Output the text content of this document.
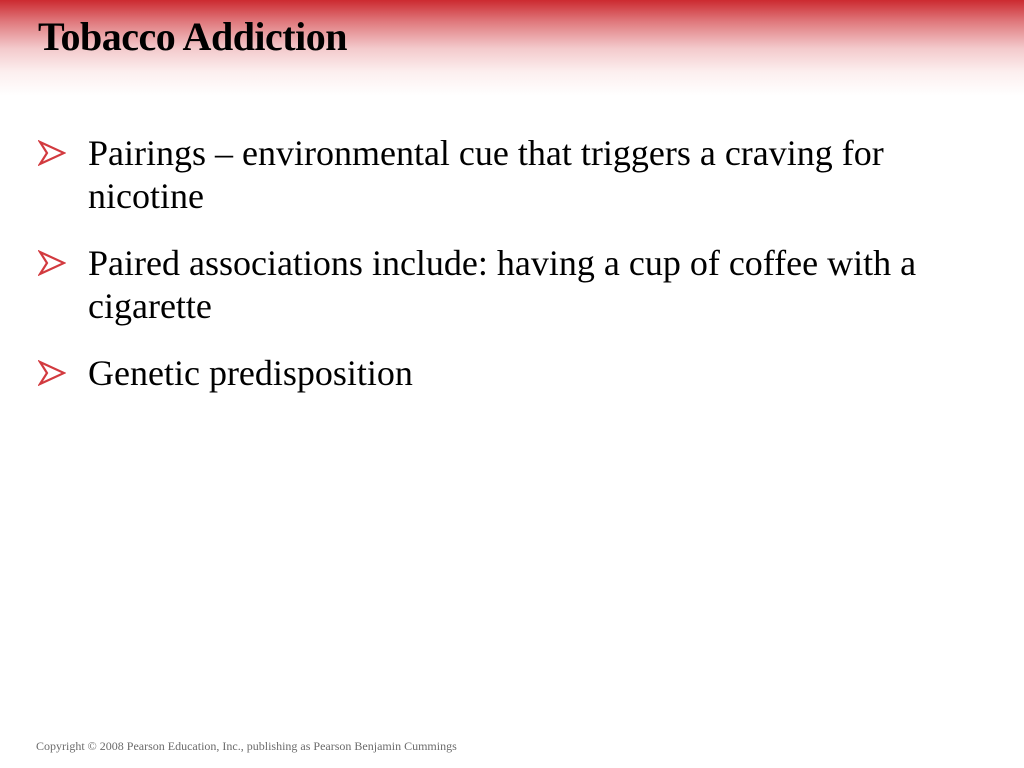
Tobacco Addiction
Pairings – environmental cue that triggers a craving for nicotine
Paired associations include: having a cup of coffee with a cigarette
Genetic predisposition
Copyright © 2008 Pearson Education, Inc., publishing as Pearson Benjamin Cummings
